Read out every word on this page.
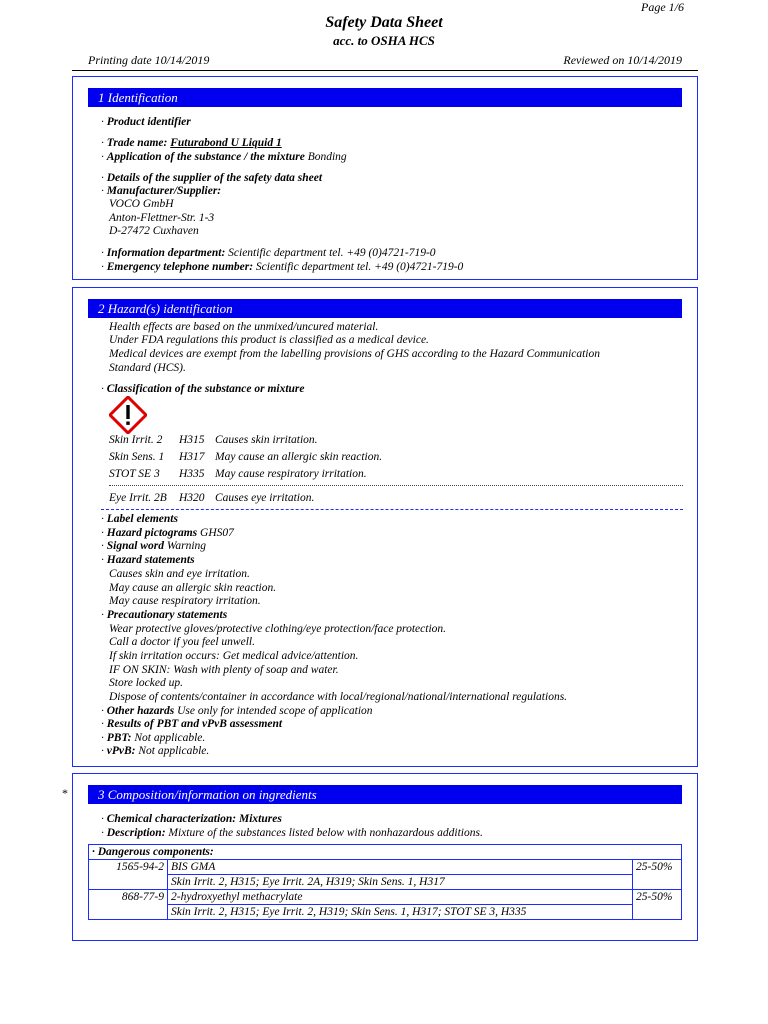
Page 1/6
Safety Data Sheet
acc. to OSHA HCS
Printing date 10/14/2019	Reviewed on 10/14/2019
1 Identification
· Product identifier
· Trade name: Futurabond U Liquid 1
· Application of the substance / the mixture Bonding
· Details of the supplier of the safety data sheet
· Manufacturer/Supplier:
VOCO GmbH
Anton-Flettner-Str. 1-3
D-27472 Cuxhaven
· Information department: Scientific department tel. +49 (0)4721-719-0
· Emergency telephone number: Scientific department tel. +49 (0)4721-719-0
2 Hazard(s) identification
Health effects are based on the unmixed/uncured material.
Under FDA regulations this product is classified as a medical device.
Medical devices are exempt from the labelling provisions of GHS according to the Hazard Communication
Standard (HCS).
· Classification of the substance or mixture
Skin Irrit. 2 H315 Causes skin irritation.
Skin Sens. 1 H317 May cause an allergic skin reaction.
STOT SE 3 H335 May cause respiratory irritation.
Eye Irrit. 2B H320 Causes eye irritation.
· Label elements
· Hazard pictograms GHS07
· Signal word Warning
· Hazard statements
Causes skin and eye irritation.
May cause an allergic skin reaction.
May cause respiratory irritation.
· Precautionary statements
Wear protective gloves/protective clothing/eye protection/face protection.
Call a doctor if you feel unwell.
If skin irritation occurs: Get medical advice/attention.
IF ON SKIN: Wash with plenty of soap and water.
Store locked up.
Dispose of contents/container in accordance with local/regional/national/international regulations.
· Other hazards Use only for intended scope of application
· Results of PBT and vPvB assessment
· PBT: Not applicable.
· vPvB: Not applicable.
*	3 Composition/information on ingredients
· Chemical characterization: Mixtures
· Description: Mixture of the substances listed below with nonhazardous additions.
· Dangerous components:
1565-94-2	BIS GMA	25-50%
	Skin Irrit. 2, H315; Eye Irrit. 2A, H319; Skin Sens. 1, H317	
868-77-9	2-hydroxyethyl methacrylate	25-50%
	Skin Irrit. 2, H315; Eye Irrit. 2, H319; Skin Sens. 1, H317; STOT SE 3, H335	
